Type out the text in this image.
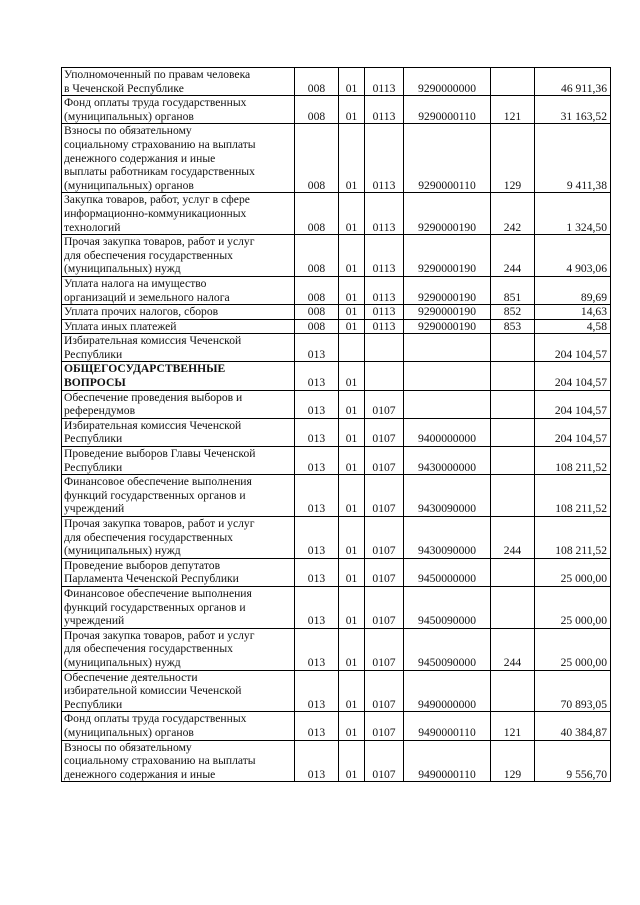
Уполномоченный по правам человека
в Чеченской Республике	008	01	0113	9290000000		46 911,36

Фонд оплаты труда государственных
(муниципальных) органов	008	01	0113	9290000110	121	31 163,52

Взносы по обязательному
социальному страхованию на выплаты
денежного содержания и иные
выплаты работникам государственных
(муниципальных) органов	008	01	0113	9290000110	129	9 411,38

Закупка товаров, работ, услуг в сфере
информационно-коммуникационных
технологий	008	01	0113	9290000190	242	1 324,50

Прочая закупка товаров, работ и услуг
для обеспечения государственных
(муниципальных) нужд	008	01	0113	9290000190	244	4 903,06

Уплата налога на имущество
организаций и земельного налога	008	01	0113	9290000190	851	89,69

Уплата прочих налогов, сборов	008	01	0113	9290000190	852	14,63

Уплата иных платежей	008	01	0113	9290000190	853	4,58

Избирательная комиссия Чеченской
Республики	013					204 104,57

ОБЩЕГОСУДАРСТВЕННЫЕ
ВОПРОСЫ	013	01				204 104,57

Обеспечение проведения выборов и
референдумов	013	01	0107			204 104,57

Избирательная комиссия Чеченской
Республики	013	01	0107	9400000000		204 104,57

Проведение выборов Главы Чеченской
Республики	013	01	0107	9430000000		108 211,52

Финансовое обеспечение выполнения
функций государственных органов и
учреждений	013	01	0107	9430090000		108 211,52

Прочая закупка товаров, работ и услуг
для обеспечения государственных
(муниципальных) нужд	013	01	0107	9430090000	244	108 211,52

Проведение выборов депутатов
Парламента Чеченской Республики	013	01	0107	9450000000		25 000,00

Финансовое обеспечение выполнения
функций государственных органов и
учреждений	013	01	0107	9450090000		25 000,00

Прочая закупка товаров, работ и услуг
для обеспечения государственных
(муниципальных) нужд	013	01	0107	9450090000	244	25 000,00

Обеспечение деятельности
избирательной комиссии Чеченской
Республики	013	01	0107	9490000000		70 893,05

Фонд оплаты труда государственных
(муниципальных) органов	013	01	0107	9490000110	121	40 384,87

Взносы по обязательному
социальному страхованию на выплаты
денежного содержания и иные	013	01	0107	9490000110	129	9 556,70
